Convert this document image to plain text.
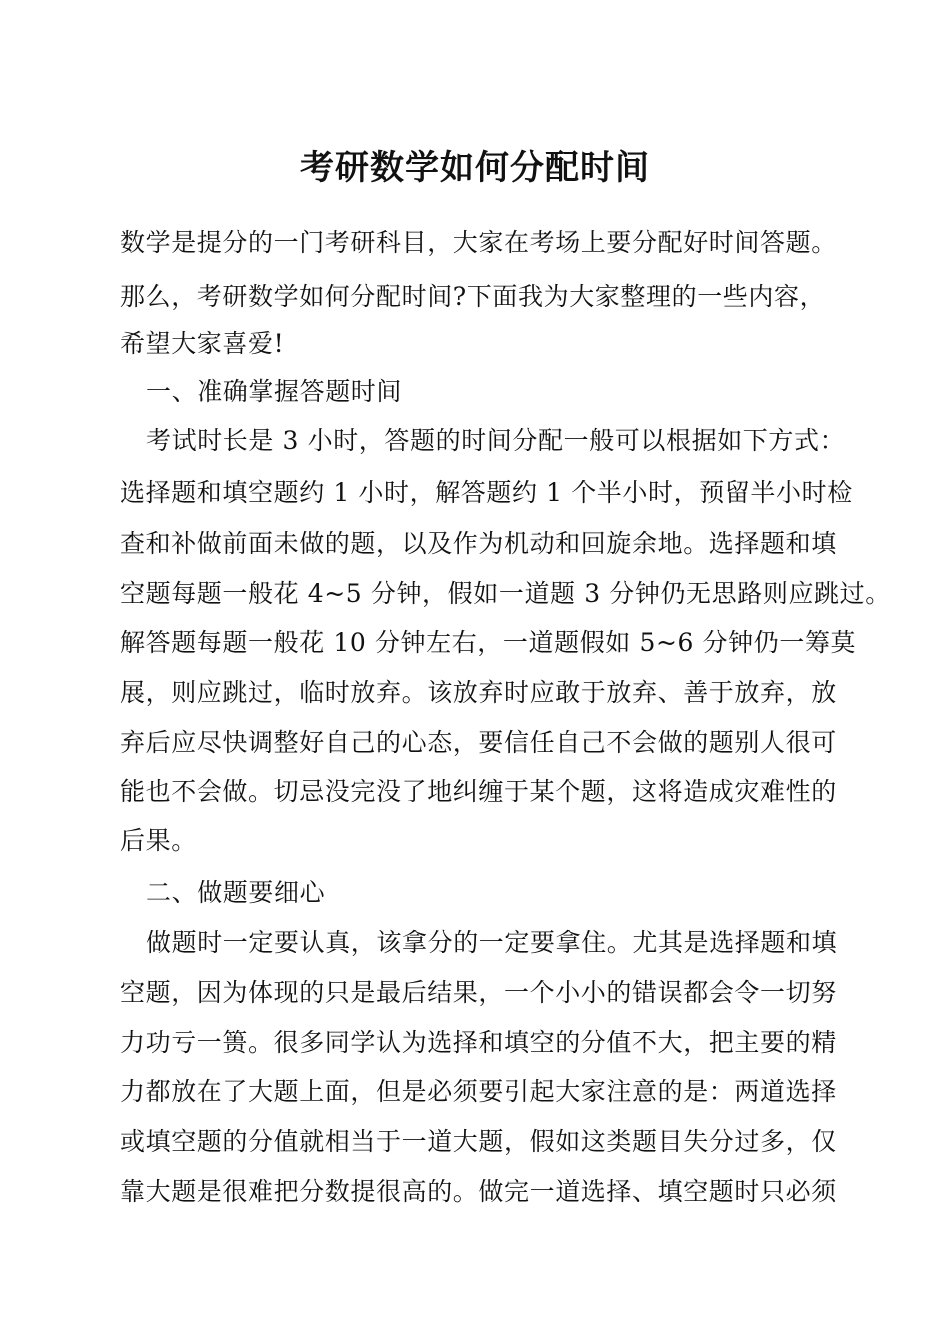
考研数学如何分配时间
数学是提分的一门考研科目，大家在考场上要分配好时间答题。
那么，考研数学如何分配时间?下面我为大家整理的一些内容，
希望大家喜爱!
一、准确掌握答题时间
考试时长是 3 小时，答题的时间分配一般可以根据如下方式：
选择题和填空题约 1 小时，解答题约 1 个半小时，预留半小时检
查和补做前面未做的题，以及作为机动和回旋余地。选择题和填
空题每题一般花 4~5 分钟，假如一道题 3 分钟仍无思路则应跳过。
解答题每题一般花 10 分钟左右，一道题假如 5~6 分钟仍一筹莫
展，则应跳过，临时放弃。该放弃时应敢于放弃、善于放弃，放
弃后应尽快调整好自己的心态，要信任自己不会做的题别人很可
能也不会做。切忌没完没了地纠缠于某个题，这将造成灾难性的
后果。
二、做题要细心
做题时一定要认真，该拿分的一定要拿住。尤其是选择题和填
空题，因为体现的只是最后结果，一个小小的错误都会令一切努
力功亏一篑。很多同学认为选择和填空的分值不大，把主要的精
力都放在了大题上面，但是必须要引起大家注意的是：两道选择
或填空题的分值就相当于一道大题，假如这类题目失分过多，仅
靠大题是很难把分数提很高的。做完一道选择、填空题时只必须
